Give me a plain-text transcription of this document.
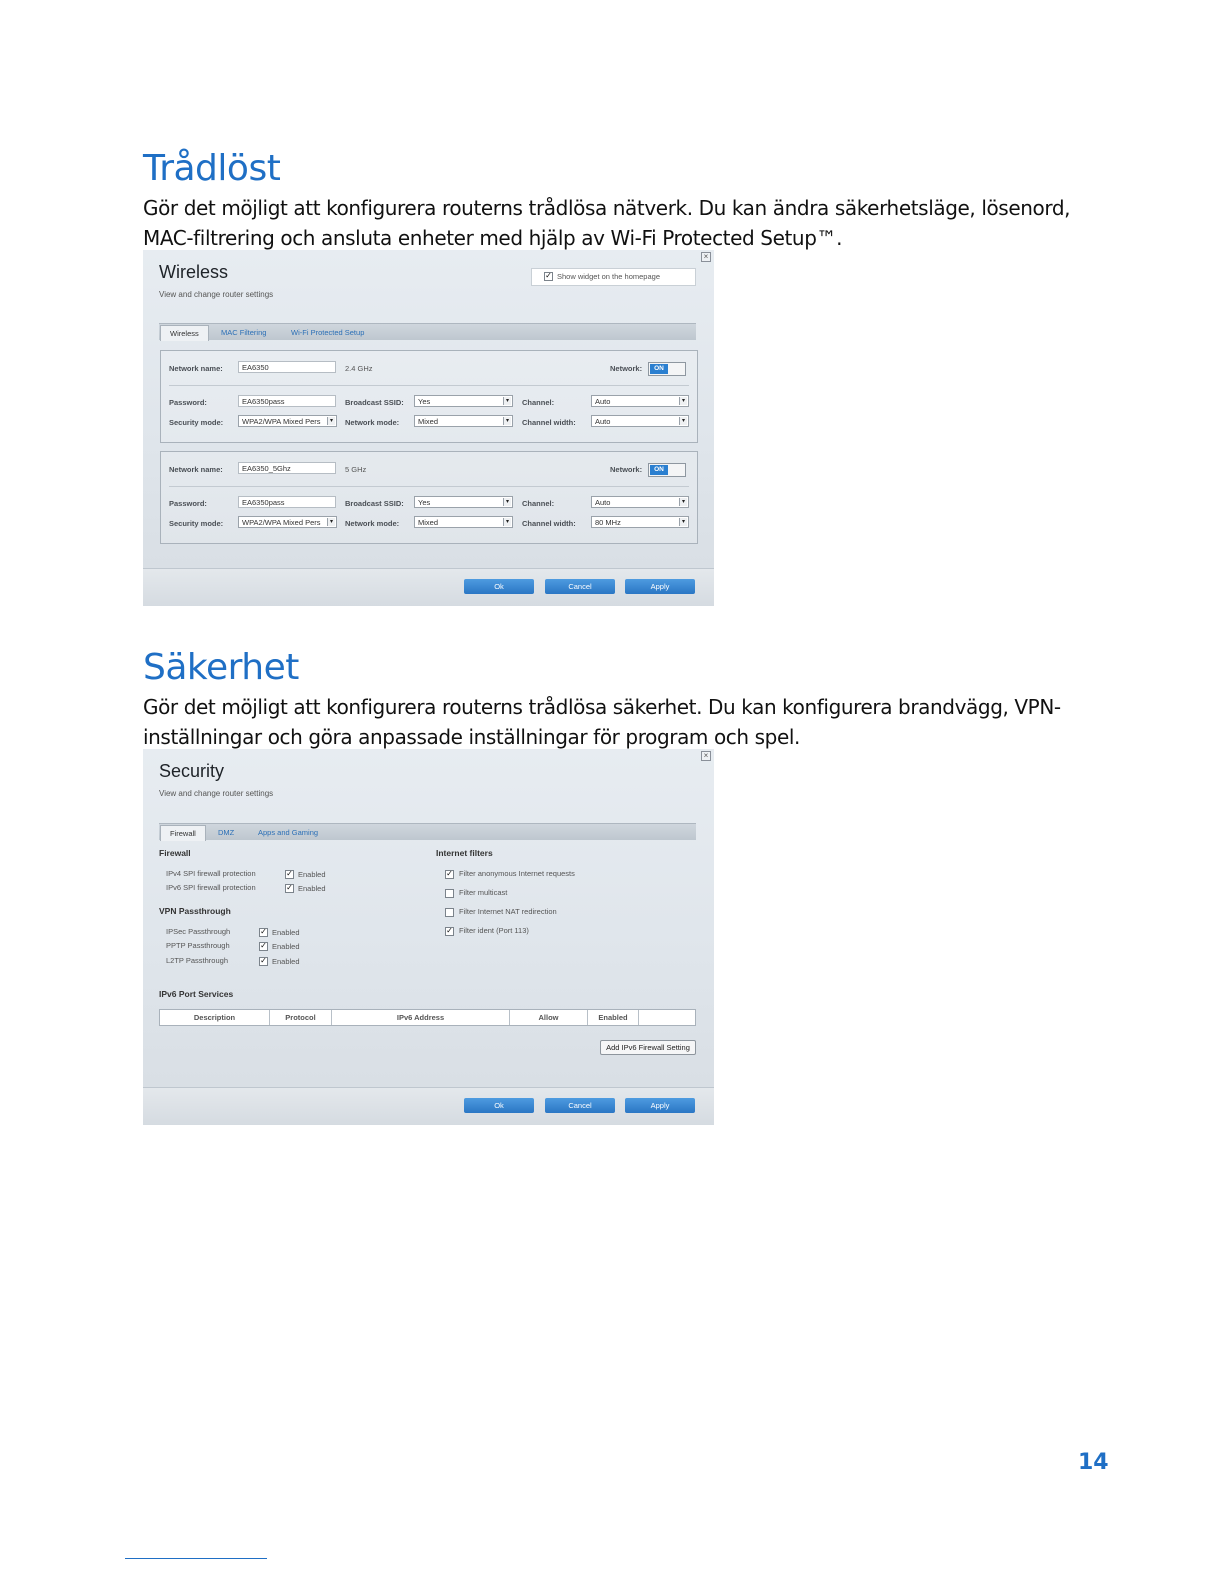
Trådlöst

Gör det möjligt att konfigurera routerns trådlösa nätverk. Du kan ändra säkerhetsläge, lösenord, MAC-filtrering och ansluta enheter med hjälp av Wi-Fi Protected Setup™.

×
Wireless
View and change router settings
✓ Show widget on the homepage
Wireless	MAC Filtering	Wi-Fi Protected Setup
Network name:	EA6350	2.4 GHz	Network:	ON
Password:	EA6350pass	Broadcast SSID:	Yes	▾ Channel:	Auto	▾
Security mode:	WPA2/WPA Mixed Pers	▾ Network mode:	Mixed	▾ Channel width:	Auto	▾
Network name:	EA6350_5Ghz	5 GHz	Network:	ON
Password:	EA6350pass	Broadcast SSID:	Yes	▾ Channel:	Auto	▾
Security mode:	WPA2/WPA Mixed Pers	▾ Network mode:	Mixed	▾ Channel width:	80 MHz	▾
Ok	Cancel	Apply
Säkerhet

Gör det möjligt att konfigurera routerns trådlösa säkerhet. Du kan konfigurera brandvägg, VPN-inställningar och göra anpassade inställningar för program och spel.

×
Security
View and change router settings
Firewall	DMZ	Apps and Gaming
Firewall
IPv4 SPI firewall protection	✓ Enabled
IPv6 SPI firewall protection	✓ Enabled
VPN Passthrough
IPSec Passthrough	✓ Enabled
PPTP Passthrough	✓ Enabled
L2TP Passthrough	✓ Enabled
Internet filters
✓ Filter anonymous Internet requests
Filter multicast
Filter Internet NAT redirection
✓ Filter ident (Port 113)
IPv6 Port Services
Description	Protocol	IPv6 Address	Allow	Enabled
Add IPv6 Firewall Setting
Ok	Cancel	Apply
14
